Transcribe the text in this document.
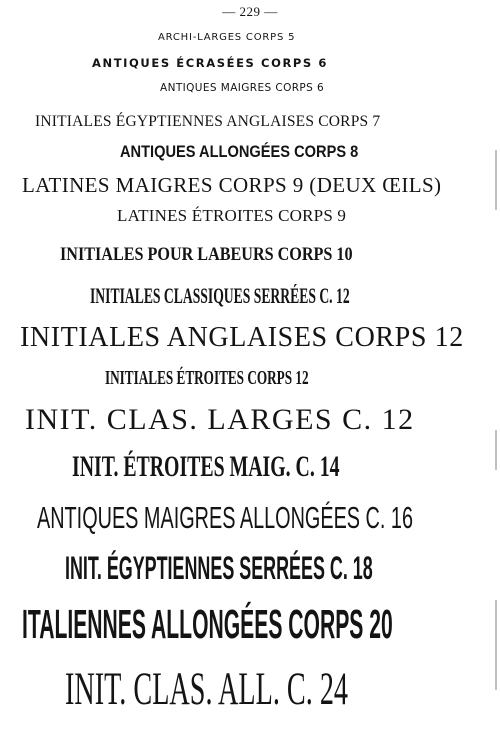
— 229 —
ARCHI-LARGES CORPS 5
ANTIQUES ÉCRASÉES CORPS 6
ANTIQUES MAIGRES CORPS 6
INITIALES ÉGYPTIENNES ANGLAISES CORPS 7
ANTIQUES ALLONGÉES CORPS 8
LATINES MAIGRES CORPS 9 (DEUX ŒILS)
LATINES ÉTROITES CORPS 9
INITIALES POUR LABEURS CORPS 10
INITIALES CLASSIQUES SERRÉES C. 12
INITIALES ANGLAISES CORPS 12
INITIALES ÉTROITES CORPS 12
INIT. CLAS. LARGES C. 12
INIT. ÉTROITES MAIG. C. 14
ANTIQUES MAIGRES ALLONGÉES C. 16
INIT. ÉGYPTIENNES SERRÉES C. 18
ITALIENNES ALLONGÉES CORPS 20
INIT. CLAS. ALL. C. 24
